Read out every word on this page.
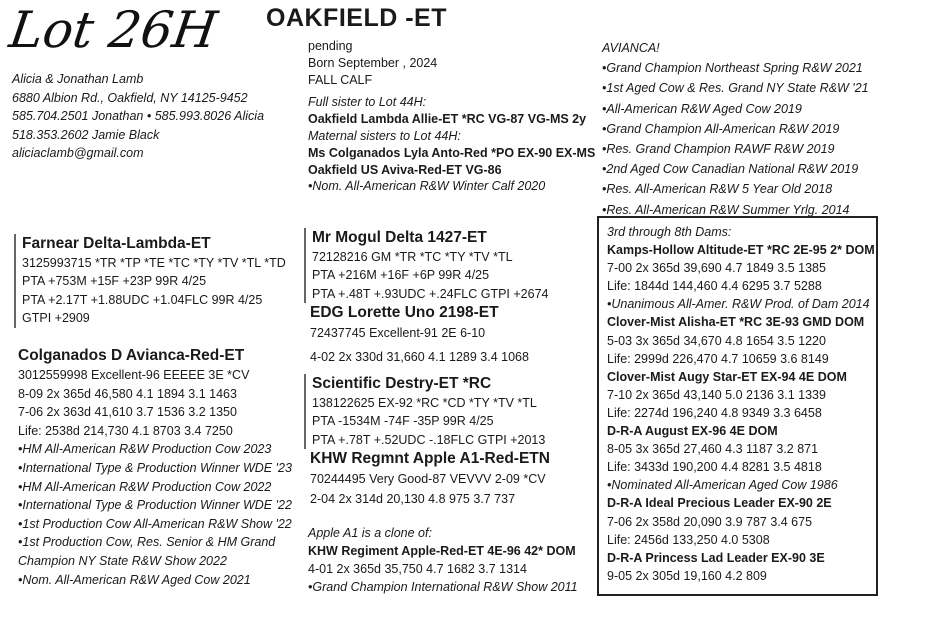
Lot 26H OAKFIELD -ET
Alicia & Jonathan Lamb
6880 Albion Rd., Oakfield, NY 14125-9452
585.704.2501 Jonathan • 585.993.8026 Alicia
518.353.2602 Jamie Black
aliciaclamb@gmail.com
pending
Born September , 2024
FALL CALF
Full sister to Lot 44H:
Oakfield Lambda Allie-ET *RC VG-87 VG-MS 2y
Maternal sisters to Lot 44H:
Ms Colganados Lyla Anto-Red *PO EX-90 EX-MS
Oakfield US Aviva-Red-ET VG-86
•Nom. All-American R&W Winter Calf 2020
AVIANCA!
•Grand Champion Northeast Spring R&W 2021
•1st Aged Cow & Res. Grand NY State R&W '21
•All-American R&W Aged Cow 2019
•Grand Champion All-American R&W 2019
•Res. Grand Champion RAWF R&W 2019
•2nd Aged Cow Canadian National R&W 2019
•Res. All-American R&W 5 Year Old 2018
•Res. All-American R&W Summer Yrlg. 2014
Farnear Delta-Lambda-ET
3125993715 *TR *TP *TE *TC *TY *TV *TL *TD
PTA +753M +15F +23P 99R 4/25
PTA +2.17T +1.88UDC +1.04FLC 99R 4/25
GTPI +2909
Colganados D Avianca-Red-ET
3012559998 Excellent-96 EEEEE 3E *CV
8-09 2x 365d 46,580 4.1 1894 3.1 1463
7-06 2x 363d 41,610 3.7 1536 3.2 1350
Life: 2538d 214,730 4.1 8703 3.4 7250
•HM All-American R&W Production Cow 2023
•International Type & Production Winner WDE '23
•HM All-American R&W Production Cow 2022
•International Type & Production Winner WDE '22
•1st Production Cow All-American R&W Show '22
•1st Production Cow, Res. Senior & HM Grand
Champion NY State R&W Show 2022
•Nom. All-American R&W Aged Cow 2021
Mr Mogul Delta 1427-ET
72128216 GM *TR *TC *TY *TV *TL
PTA +216M +16F +6P 99R 4/25
PTA +.48T +.93UDC +.24FLC GTPI +2674
EDG Lorette Uno 2198-ET
72437745 Excellent-91 2E 6-10
4-02 2x 330d 31,660 4.1 1289 3.4 1068
Scientific Destry-ET *RC
138122625 EX-92 *RC *CD *TY *TV *TL
PTA -1534M -74F -35P 99R 4/25
PTA +.78T +.52UDC -.18FLC GTPI +2013
KHW Regmnt Apple A1-Red-ETN
70244495 Very Good-87 VEVVV 2-09 *CV
2-04 2x 314d 20,130 4.8 975 3.7 737
Apple A1 is a clone of:
KHW Regiment Apple-Red-ET 4E-96 42* DOM
4-01 2x 365d 35,750 4.7 1682 3.7 1314
•Grand Champion International R&W Show 2011
3rd through 8th Dams:
Kamps-Hollow Altitude-ET *RC 2E-95 2* DOM
7-00 2x 365d 39,690 4.7 1849 3.5 1385
Life: 1844d 144,460 4.4 6295 3.7 5288
•Unanimous All-Amer. R&W Prod. of Dam 2014
Clover-Mist Alisha-ET *RC 3E-93 GMD DOM
5-03 3x 365d 34,670 4.8 1654 3.5 1220
Life: 2999d 226,470 4.7 10659 3.6 8149
Clover-Mist Augy Star-ET EX-94 4E DOM
7-10 2x 365d 43,140 5.0 2136 3.1 1339
Life: 2274d 196,240 4.8 9349 3.3 6458
D-R-A August EX-96 4E DOM
8-05 3x 365d 27,460 4.3 1187 3.2 871
Life: 3433d 190,200 4.4 8281 3.5 4818
•Nominated All-American Aged Cow 1986
D-R-A Ideal Precious Leader EX-90 2E
7-06 2x 358d 20,090 3.9 787 3.4 675
Life: 2456d 133,250 4.0 5308
D-R-A Princess Lad Leader EX-90 3E
9-05 2x 305d 19,160 4.2 809
